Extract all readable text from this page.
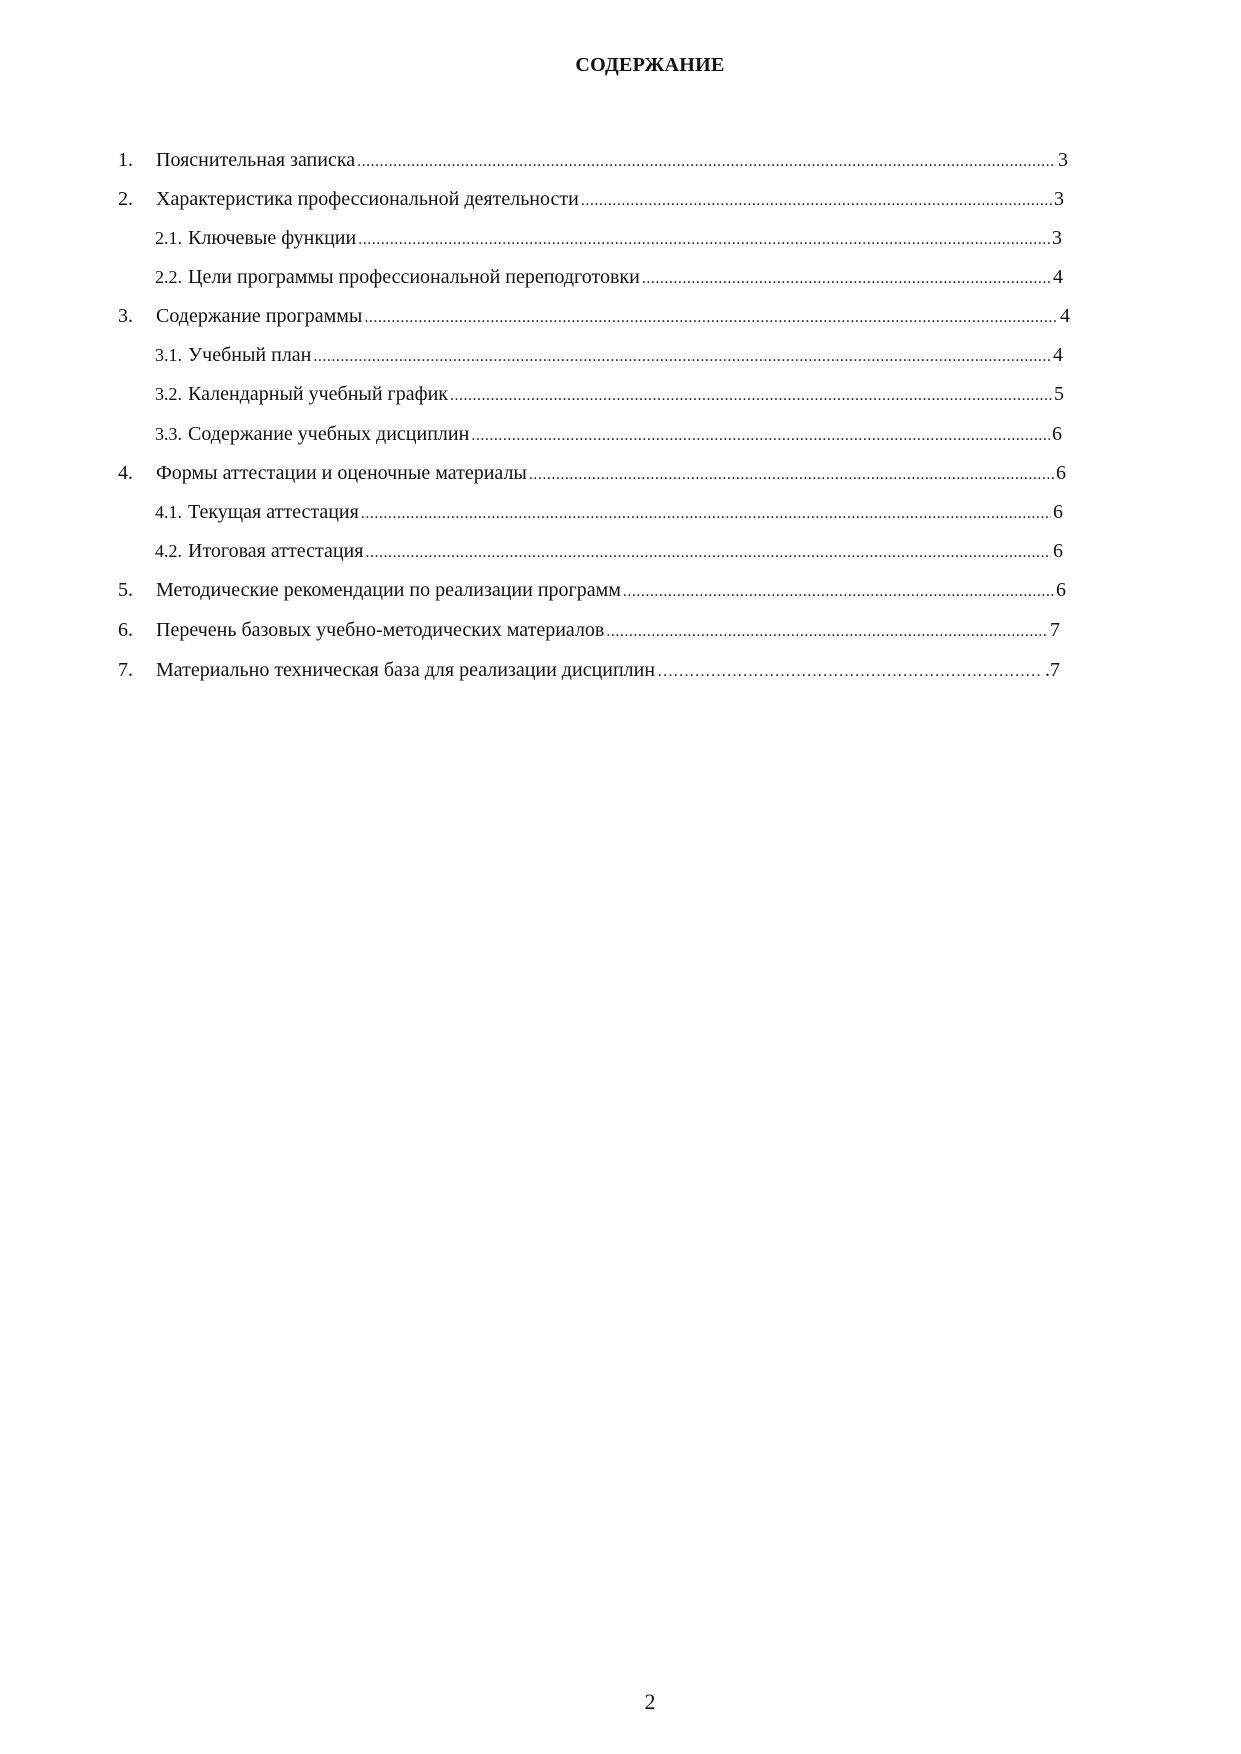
СОДЕРЖАНИЕ
1.	Пояснительная записка .....	3
2.	Характеристика профессиональной деятельности .....	3
2.1. Ключевые функции .....	3
2.2. Цели программы профессиональной переподготовки .....	4
3.	Содержание программы .....	4
3.1. Учебный план .....	4
3.2. Календарный учебный график .....	5
3.3. Содержание учебных дисциплин .....	6
4.	Формы аттестации и оценочные материалы .....	6
4.1. Текущая аттестация .....	6
4.2. Итоговая аттестация .....	6
5.	Методические рекомендации по реализации программ .....	6
6.	Перечень базовых учебно-методических материалов .....	7
7.	Материально техническая база для реализации дисциплин …………………………………………………………………………………………………………	.7
2
